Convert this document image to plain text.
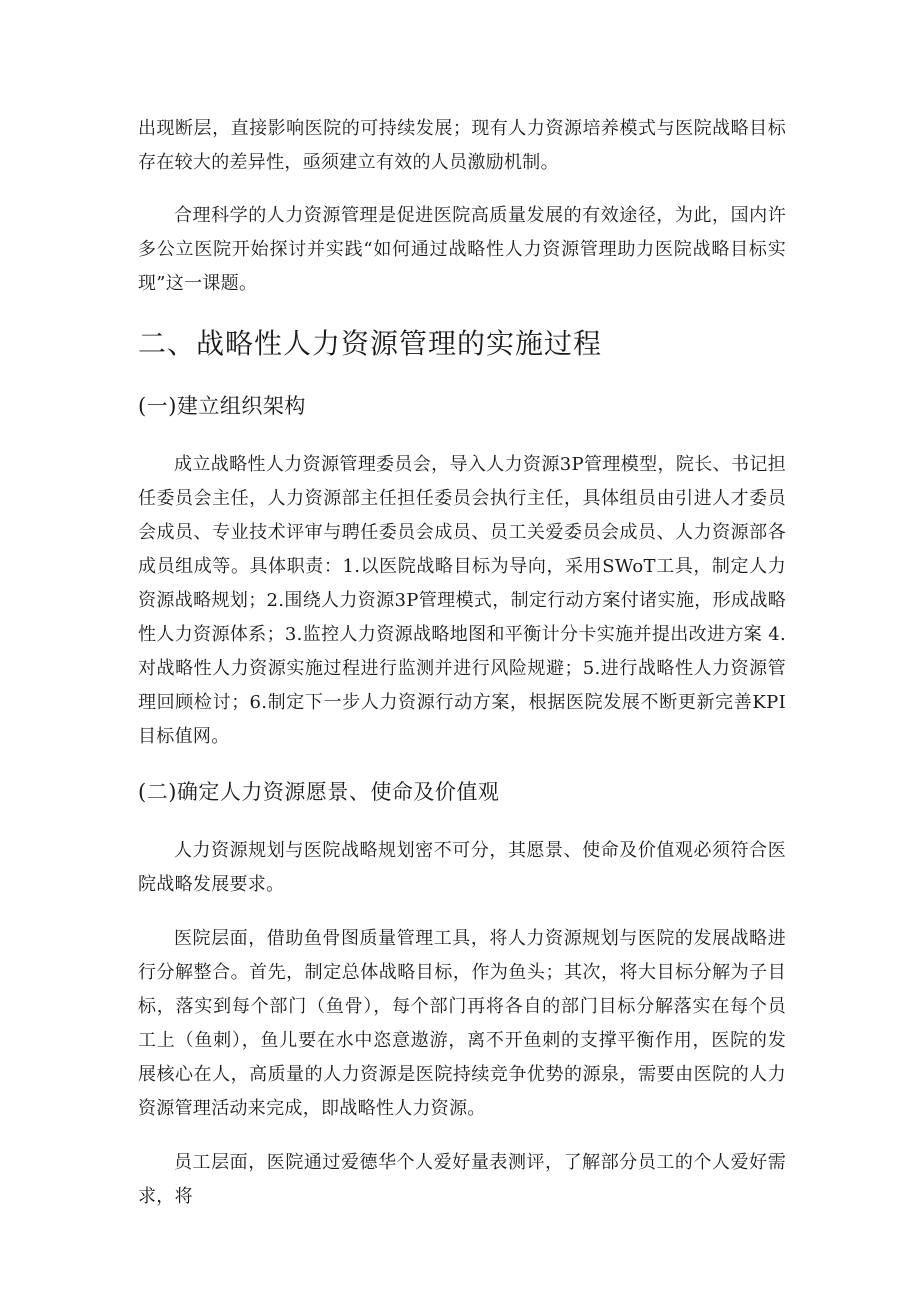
出现断层，直接影响医院的可持续发展；现有人力资源培养模式与医院战略目标存在较大的差异性，亟须建立有效的人员激励机制。

合理科学的人力资源管理是促进医院高质量发展的有效途径，为此，国内许多公立医院开始探讨并实践“如何通过战略性人力资源管理助力医院战略目标实现”这一课题。

二、战略性人力资源管理的实施过程
(一)建立组织架构

成立战略性人力资源管理委员会，导入人力资源3P管理模型，院长、书记担任委员会主任，人力资源部主任担任委员会执行主任，具体组员由引进人才委员会成员、专业技术评审与聘任委员会成员、员工关爱委员会成员、人力资源部各成员组成等。具体职责：1.以医院战略目标为导向，采用SWoT工具，制定人力资源战略规划；2.围绕人力资源3P管理模式，制定行动方案付诸实施，形成战略性人力资源体系；3.监控人力资源战略地图和平衡计分卡实施并提出改进方案 4.对战略性人力资源实施过程进行监测并进行风险规避；5.进行战略性人力资源管理回顾检讨；6.制定下一步人力资源行动方案，根据医院发展不断更新完善KPI目标值网。

(二)确定人力资源愿景、使命及价值观

人力资源规划与医院战略规划密不可分，其愿景、使命及价值观必须符合医院战略发展要求。

医院层面，借助鱼骨图质量管理工具，将人力资源规划与医院的发展战略进行分解整合。首先，制定总体战略目标，作为鱼头；其次，将大目标分解为子目标，落实到每个部门（鱼骨），每个部门再将各自的部门目标分解落实在每个员工上（鱼刺），鱼儿要在水中恣意遨游，离不开鱼刺的支撑平衡作用，医院的发展核心在人，高质量的人力资源是医院持续竞争优势的源泉，需要由医院的人力资源管理活动来完成，即战略性人力资源。

员工层面，医院通过爱德华个人爱好量表测评，了解部分员工的个人爱好需求，将
